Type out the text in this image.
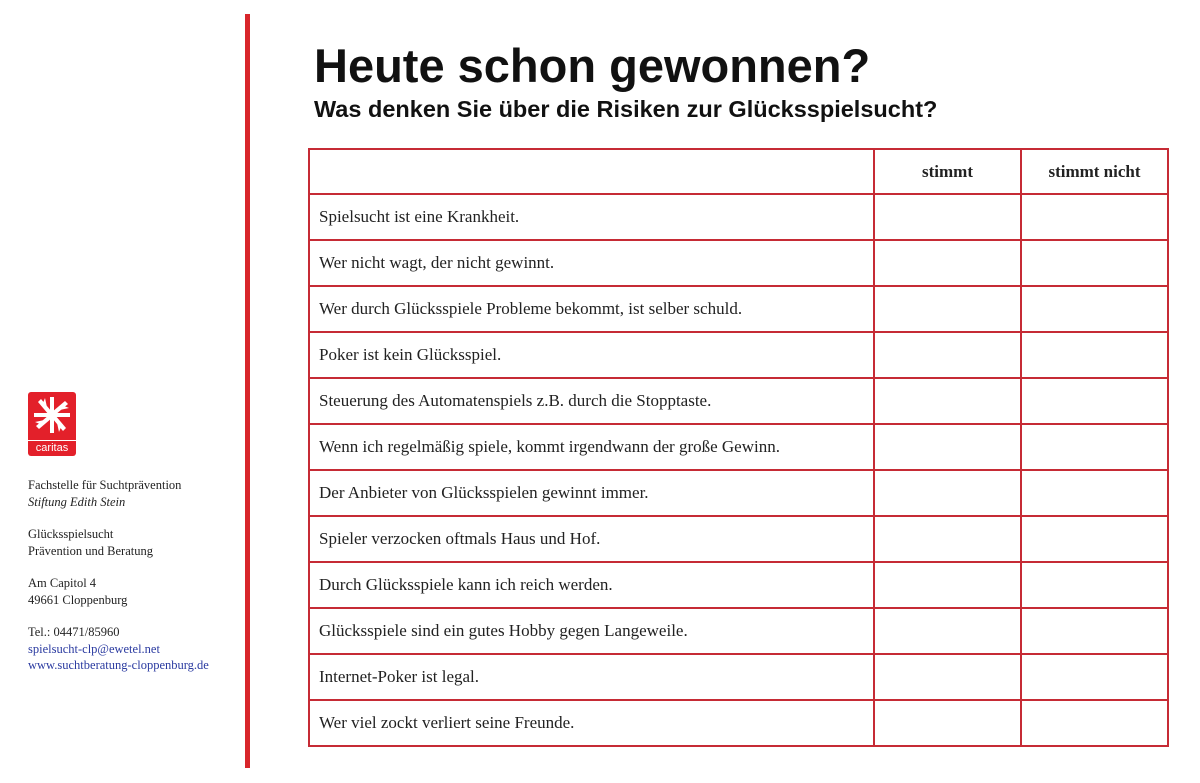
caritas
Fachstelle für Suchtprävention
Stiftung Edith Stein
Glücksspielsucht
Prävention und Beratung
Am Capitol 4
49661 Cloppenburg
Tel.: 04471/85960
spielsucht-clp@ewetel.net
www.suchtberatung-cloppenburg.de
Heute schon gewonnen?
Was denken Sie über die Risiken zur Glücksspielsucht?
	stimmt	stimmt nicht
Spielsucht ist eine Krankheit.		
Wer nicht wagt, der nicht gewinnt.		
Wer durch Glücksspiele Probleme bekommt, ist selber schuld.		
Poker ist kein Glücksspiel.		
Steuerung des Automatenspiels z.B. durch die Stopptaste.		
Wenn ich regelmäßig spiele, kommt irgendwann der große Gewinn.		
Der Anbieter von Glücksspielen gewinnt immer.		
Spieler verzocken oftmals Haus und Hof.		
Durch Glücksspiele kann ich reich werden.		
Glücksspiele sind ein gutes Hobby gegen Langeweile.		
Internet-Poker ist legal.		
Wer viel zockt verliert seine Freunde.		
